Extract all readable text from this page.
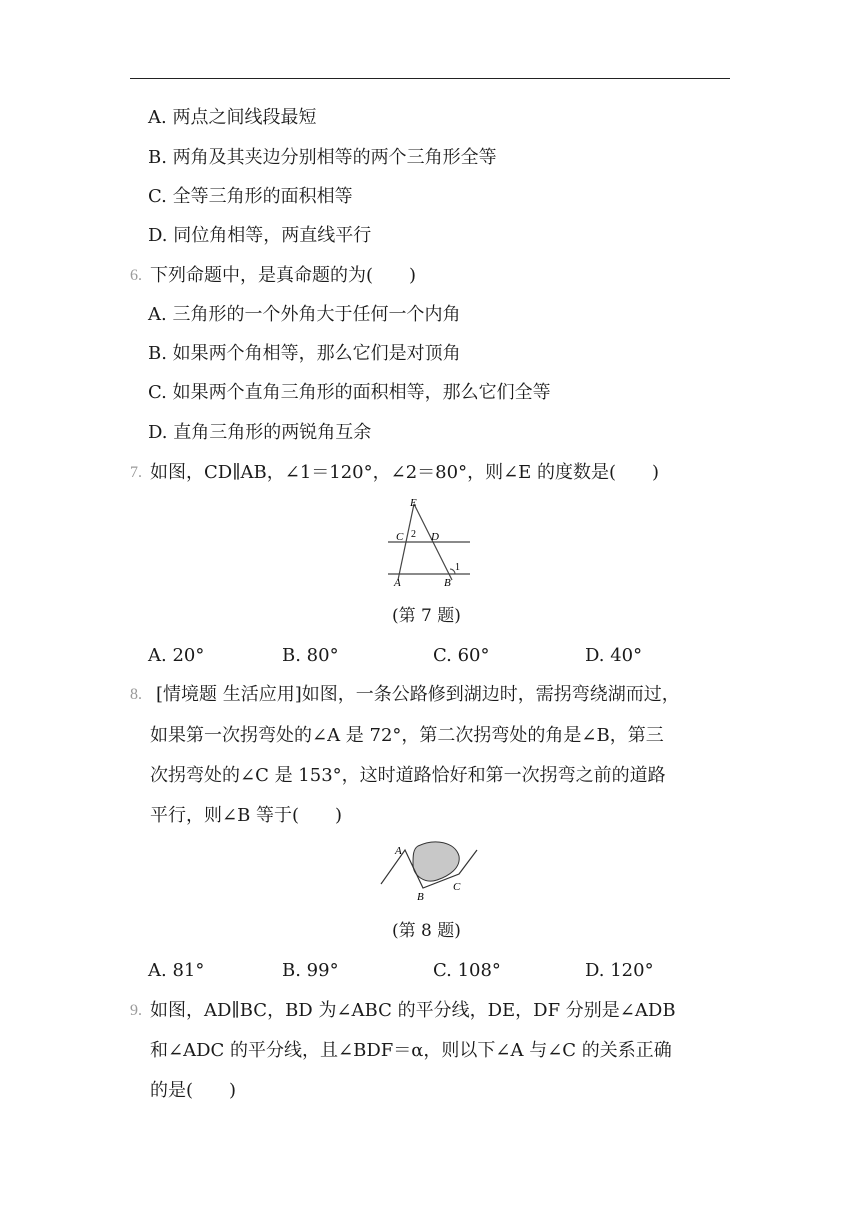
A. 两点之间线段最短
B. 两角及其夹边分别相等的两个三角形全等
C. 全等三角形的面积相等
D. 同位角相等，两直线平行
6. 下列命题中，是真命题的为(　　)
A. 三角形的一个外角大于任何一个内角
B. 如果两个角相等，那么它们是对顶角
C. 如果两个直角三角形的面积相等，那么它们全等
D. 直角三角形的两锐角互余
7. 如图，CD∥AB，∠1＝120°，∠2＝80°，则∠E 的度数是(　　)
E
C 2 D
1
A	B
(第 7 题)
A. 20°	B. 80°	C. 60°	D. 40°
8. [情境题 生活应用]如图，一条公路修到湖边时，需拐弯绕湖而过，
如果第一次拐弯处的∠A 是 72°，第二次拐弯处的角是∠B，第三
次拐弯处的∠C 是 153°，这时道路恰好和第一次拐弯之前的道路
平行，则∠B 等于(　　)
A
B
C
(第 8 题)
A. 81°	B. 99°	C. 108°	D. 120°
9. 如图，AD∥BC，BD 为∠ABC 的平分线，DE，DF 分别是∠ADB
和∠ADC 的平分线，且∠BDF＝α，则以下∠A 与∠C 的关系正确
的是(　　)
